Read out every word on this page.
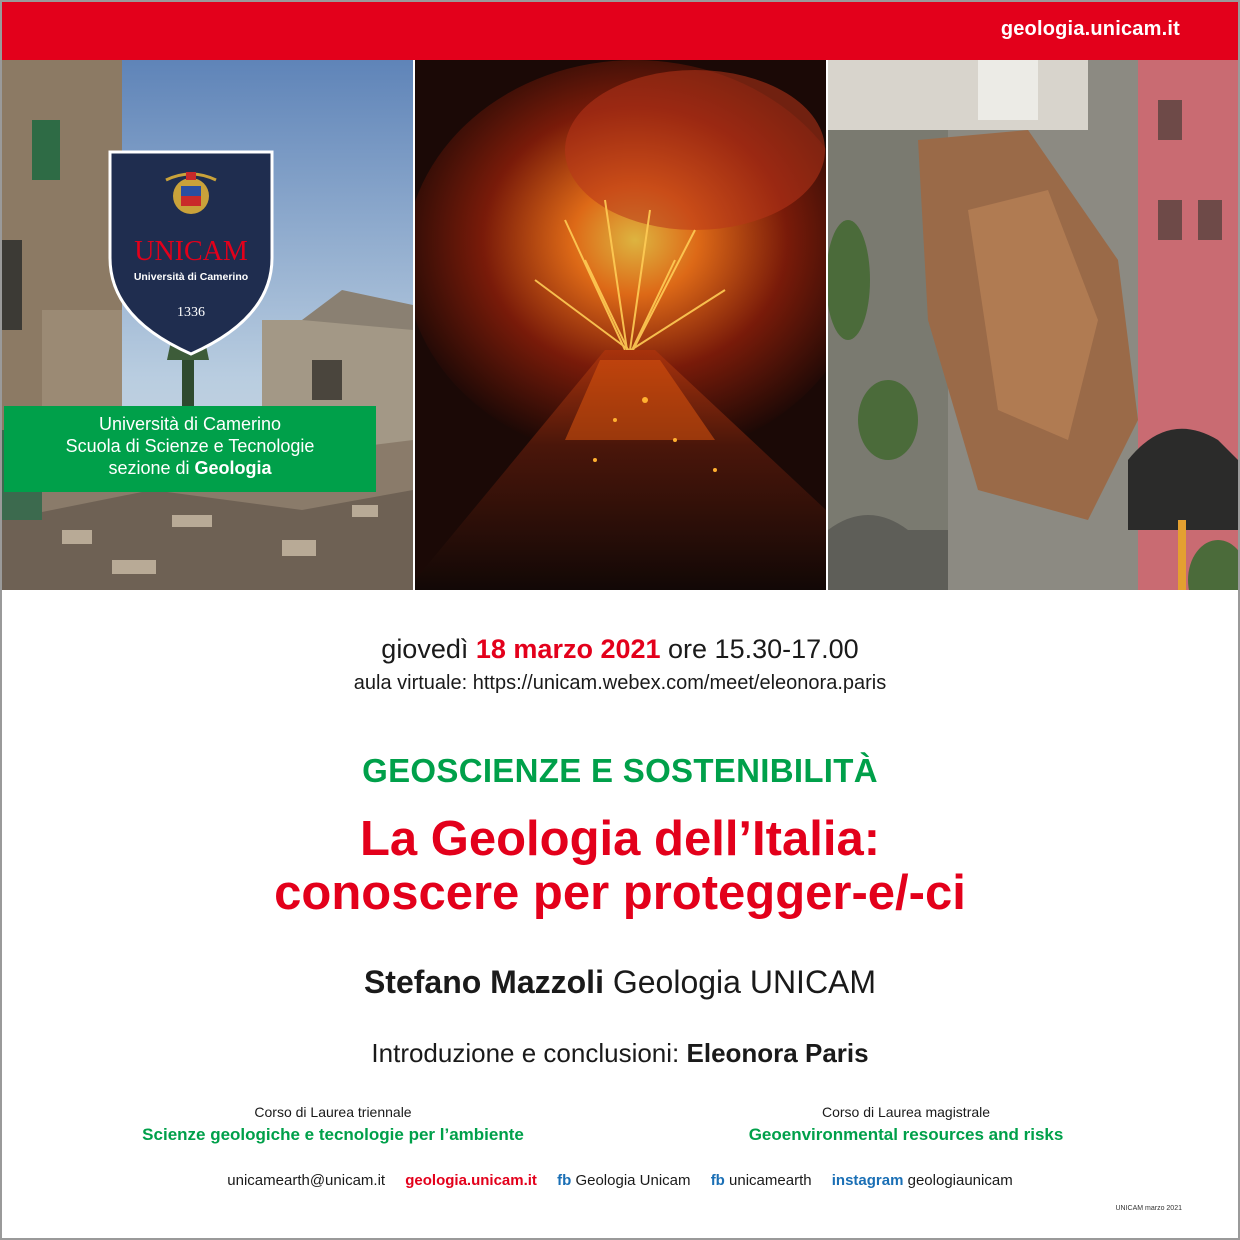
geologia.unicam.it
UNICAM
Università di Camerino
1336
Università di Camerino
Scuola di Scienze e Tecnologie
sezione di Geologia
giovedì 18 marzo 2021 ore 15.30-17.00
aula virtuale: https://unicam.webex.com/meet/eleonora.paris
GEOSCIENZE E SOSTENIBILITÀ
La Geologia dell’Italia:
conoscere per protegger-e/-ci
Stefano Mazzoli Geologia UNICAM
Introduzione e conclusioni: Eleonora Paris
Corso di Laurea triennale
Scienze geologiche e tecnologie per l’ambiente
Corso di Laurea magistrale
Geoenvironmental resources and risks
unicamearth@unicam.it geologia.unicam.it fb Geologia Unicam fb unicamearth instagram geologiaunicam
UNICAM marzo 2021
